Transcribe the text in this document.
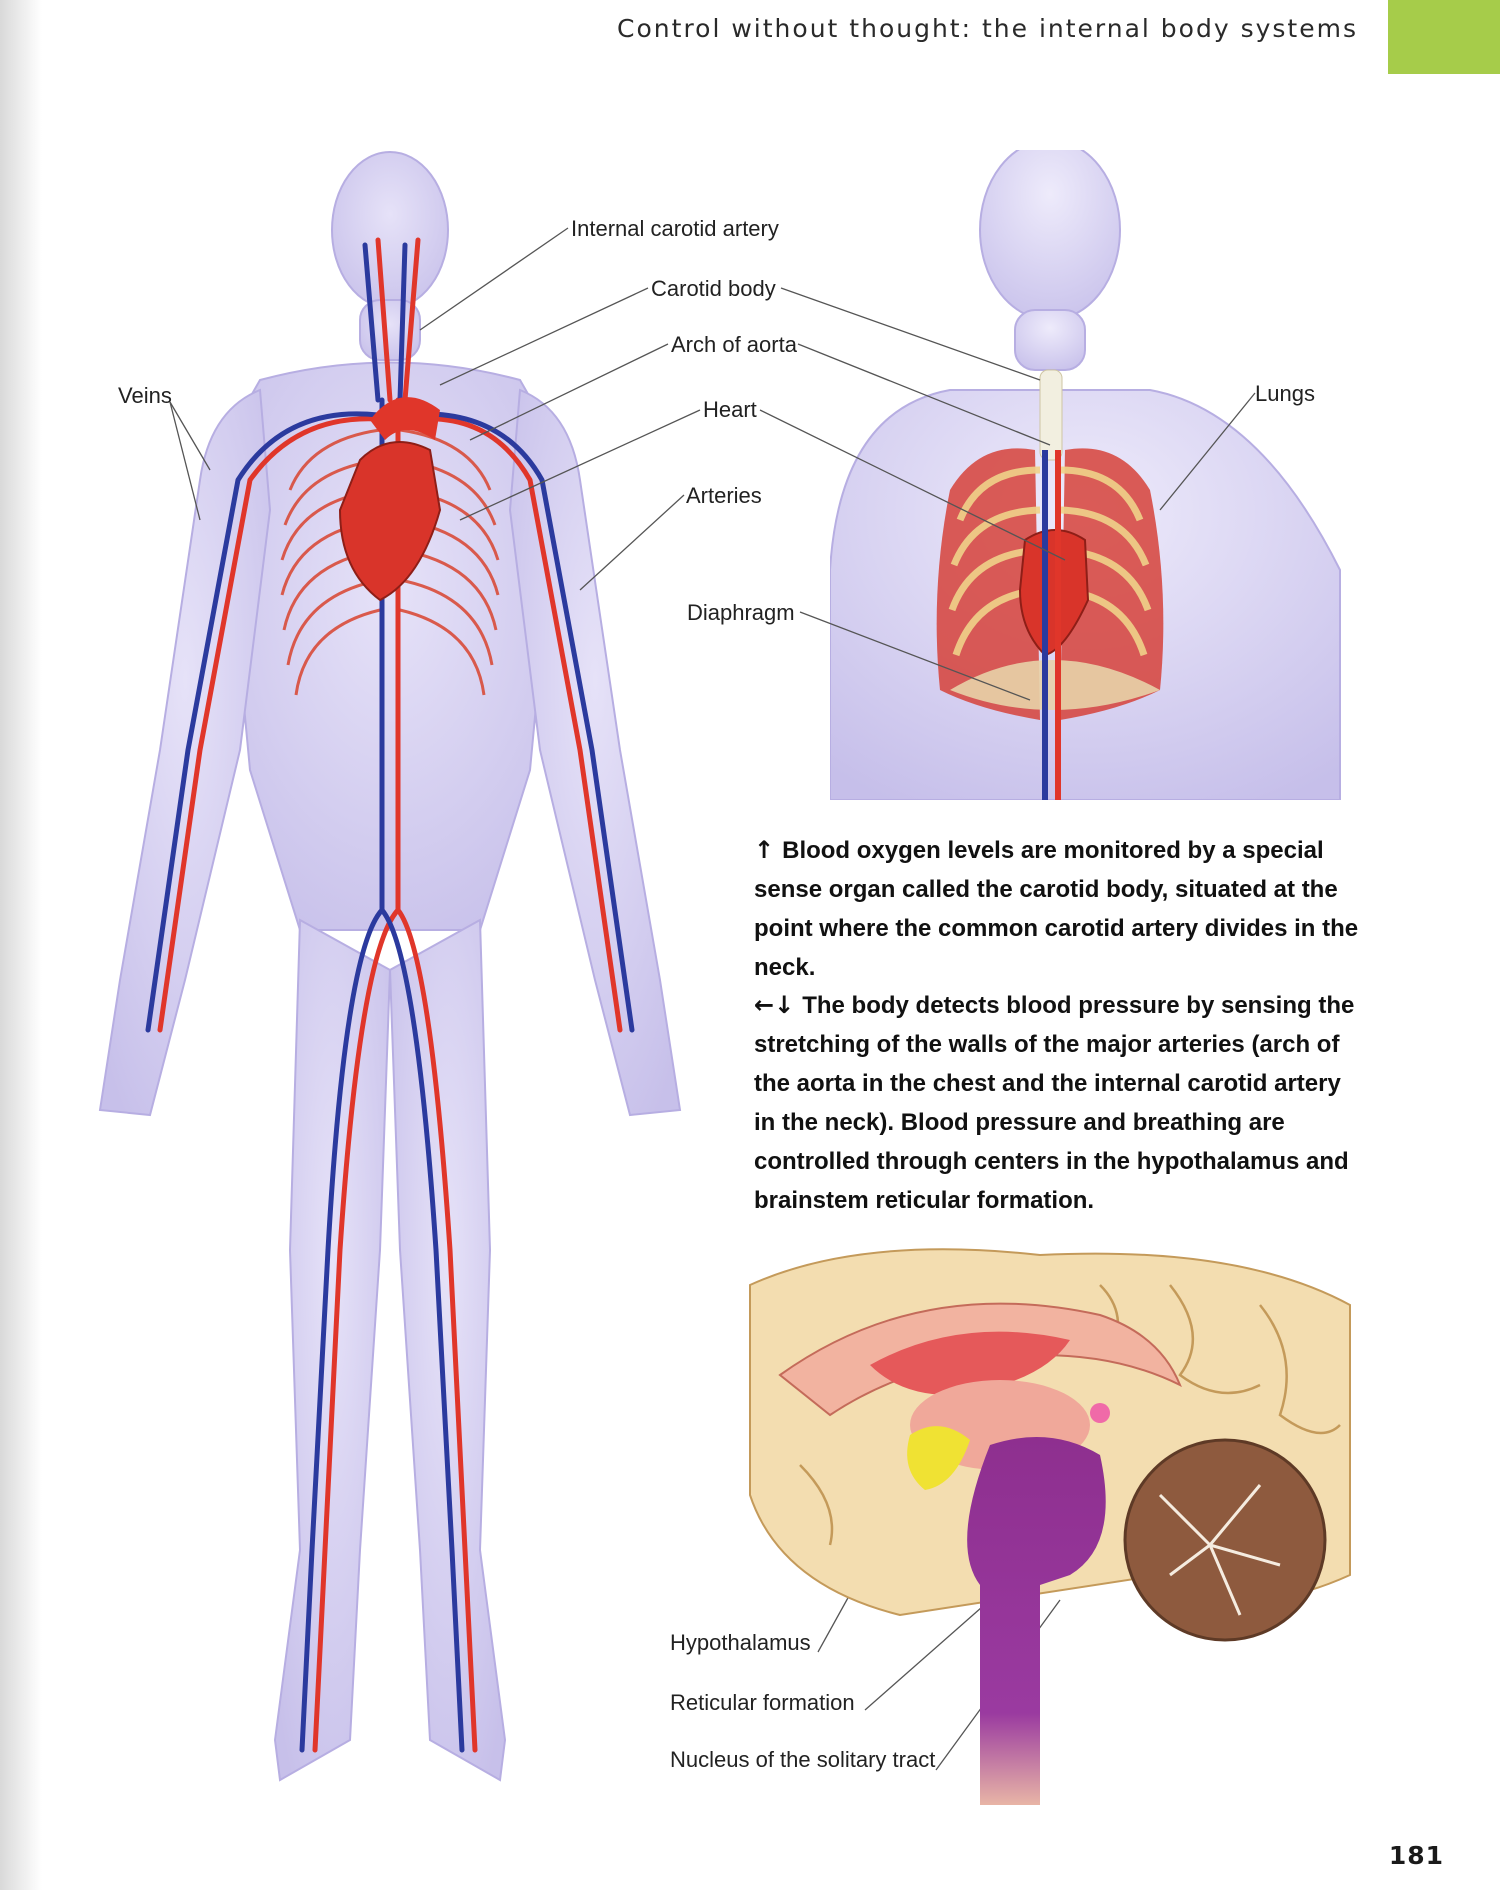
Control without thought: the internal body systems
Veins
Internal carotid artery
Carotid body
Arch of aorta
Heart
Arteries
Diaphragm
Lungs
↑ Blood oxygen levels are monitored by a special sense organ called the carotid body, situated at the point where the common carotid artery divides in the neck.
←↓ The body detects blood pressure by sensing the stretching of the walls of the major arteries (arch of the aorta in the chest and the internal carotid artery in the neck). Blood pressure and breathing are controlled through centers in the hypothalamus and brainstem reticular formation.
Hypothalamus
Reticular formation
Nucleus of the solitary tract
181
